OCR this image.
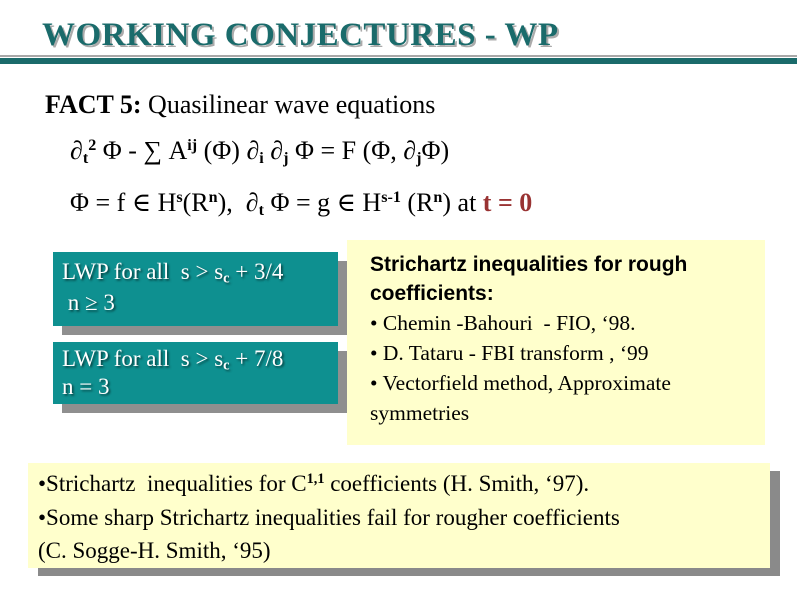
WORKING CONJECTURES - WP
FACT 5: Quasilinear wave equations
$\partial_t^2$ Φ - ∑ $A^{ij}$ (Φ) $\partial_i$ $\partial_j$ Φ = F (Φ, $\partial_j\Phi$)
Φ = f ∈ $H^s(R^n)$,  $\partial_t$ Φ = g ∈ $H^{s-1}$ $(R^n)$ at t = 0
LWP for all  $s > s_c + 3/4$
n ≥ 3
LWP for all  $s > s_c + 7/8$
n = 3
Strichartz inequalities for rough
coefficients:
• Chemin -Bahouri  - FIO, ‘98.
• D. Tataru - FBI transform , ‘99
• Vectorfield method, Approximate
symmetries
•Strichartz  inequalities for C$^{1,1}$ coefficients (H. Smith, ‘97).
•Some sharp Strichartz inequalities fail for rougher coefficients
(C. Sogge-H. Smith, ‘95)
